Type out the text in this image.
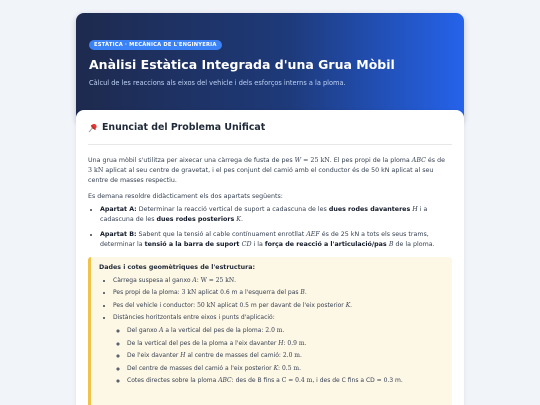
ESTÀTICA · MECÀNICA DE L'ENGINYERIA
Anàlisi Estàtica Integrada d'una Grua Mòbil

Càlcul de les reaccions als eixos del vehicle i dels esforços interns a la ploma.

Enunciat del Problema Unificat

Una grua mòbil s'utilitza per aixecar una càrrega de fusta de pes W = 25 kN. El pes propi de la ploma ABC és de
3 kN aplicat al seu centre de gravetat, i el pes conjunt del camió amb el conductor és de 50 kN aplicat al seu centre de masses respectiu.

Es demana resoldre didàcticament els dos apartats següents:

• Apartat A: Determinar la reacció vertical de suport a cadascuna de les dues rodes davanteres H i a cadascuna de les dues rodes posteriors K.
• Apartat B: Sabent que la tensió al cable contínuament enrotllat AEF és de 25 kN a tots els seus trams, determinar la tensió a la barra de suport CD i la força de reacció a l'articulació/pas B de la ploma.
Dades i cotes geomètriques de l'estructura:
• Càrrega suspesa al ganxo A: W = 25 kN.
• Pes propi de la ploma: 3 kN aplicat 0.6 m a l'esquerra del pas B.
• Pes del vehicle i conductor: 50 kN aplicat 0.5 m per davant de l'eix posterior K.
• Distàncies horitzontals entre eixos i punts d'aplicació:
◦ Del ganxo A a la vertical del pes de la ploma: 2.0 m.
◦ De la vertical del pes de la ploma a l'eix davanter H: 0.9 m.
◦ De l'eix davanter H al centre de masses del camió: 2.0 m.
◦ Del centre de masses del camió a l'eix posterior K: 0.5 m.
◦ Cotes directes sobre la ploma ABC: des de B fins a C = 0.4 m, i des de C fins a CD = 0.3 m.
